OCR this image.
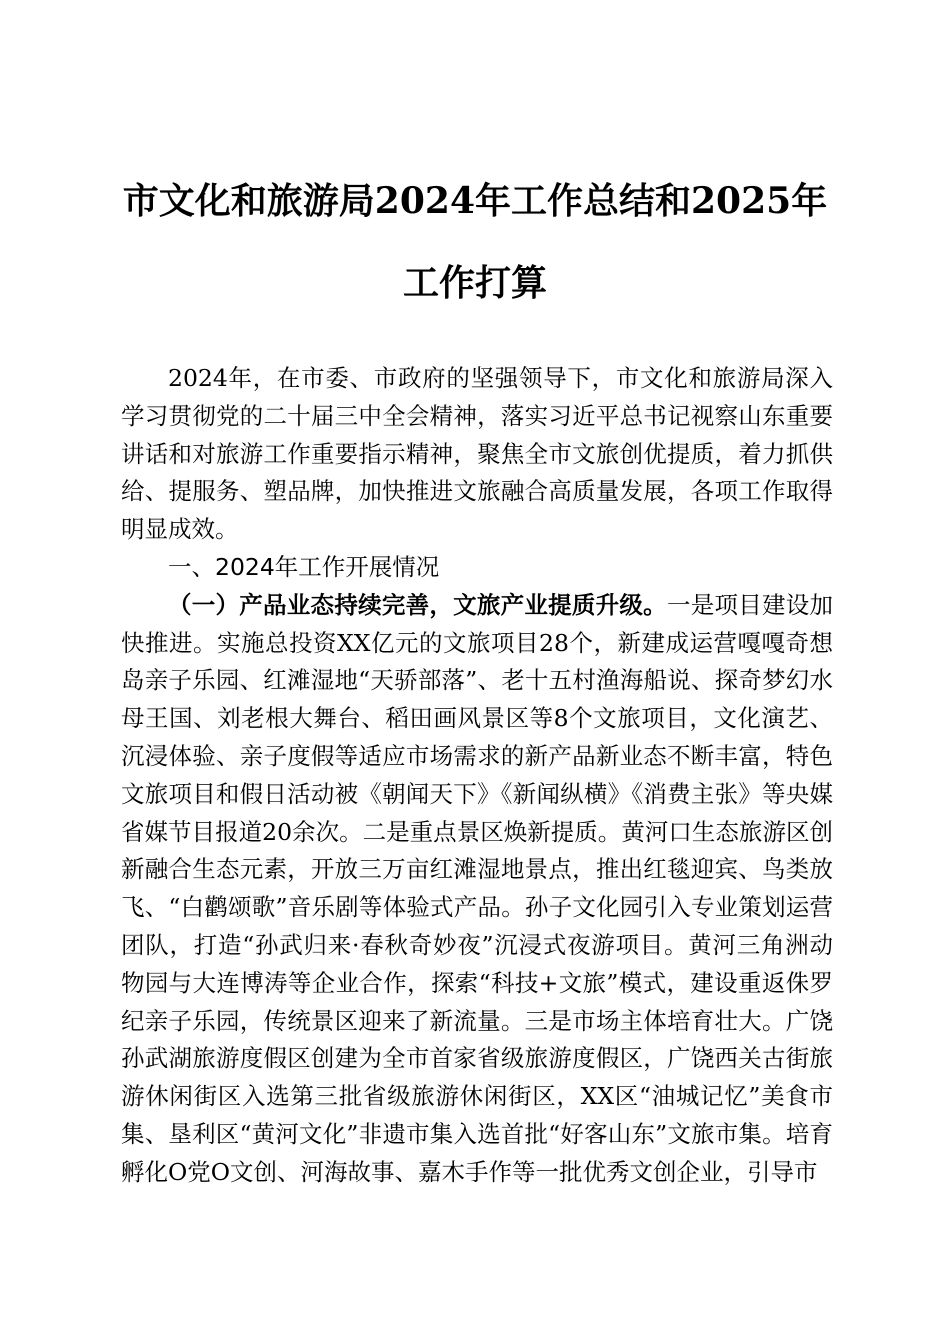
市文化和旅游局2024年工作总结和2025年工作打算

2024年，在市委、市政府的坚强领导下，市文化和旅游局深入学习贯彻党的二十届三中全会精神，落实习近平总书记视察山东重要讲话和对旅游工作重要指示精神，聚焦全市文旅创优提质，着力抓供给、提服务、塑品牌，加快推进文旅融合高质量发展，各项工作取得明显成效。

一、2024年工作开展情况

（一）产品业态持续完善，文旅产业提质升级。一是项目建设加快推进。实施总投资XX亿元的文旅项目28个，新建成运营嘎嘎奇想岛亲子乐园、红滩湿地“天骄部落”、老十五村渔海船说、探奇梦幻水母王国、刘老根大舞台、稻田画风景区等8个文旅项目，文化演艺、沉浸体验、亲子度假等适应市场需求的新产品新业态不断丰富，特色文旅项目和假日活动被《朝闻天下》《新闻纵横》《消费主张》等央媒省媒节目报道20余次。二是重点景区焕新提质。黄河口生态旅游区创新融合生态元素，开放三万亩红滩湿地景点，推出红毯迎宾、鸟类放飞、“白鹳颂歌”音乐剧等体验式产品。孙子文化园引入专业策划运营团队，打造“孙武归来·春秋奇妙夜”沉浸式夜游项目。黄河三角洲动物园与大连博涛等企业合作，探索“科技+文旅”模式，建设重返侏罗纪亲子乐园，传统景区迎来了新流量。三是市场主体培育壮大。广饶孙武湖旅游度假区创建为全市首家省级旅游度假区，广饶西关古街旅游休闲街区入选第三批省级旅游休闲街区，XX区“油城记忆”美食市集、垦利区“黄河文化”非遗市集入选首批“好客山东”文旅市集。培育孵化O党O文创、河海故事、嘉木手作等一批优秀文创企业，引导市
